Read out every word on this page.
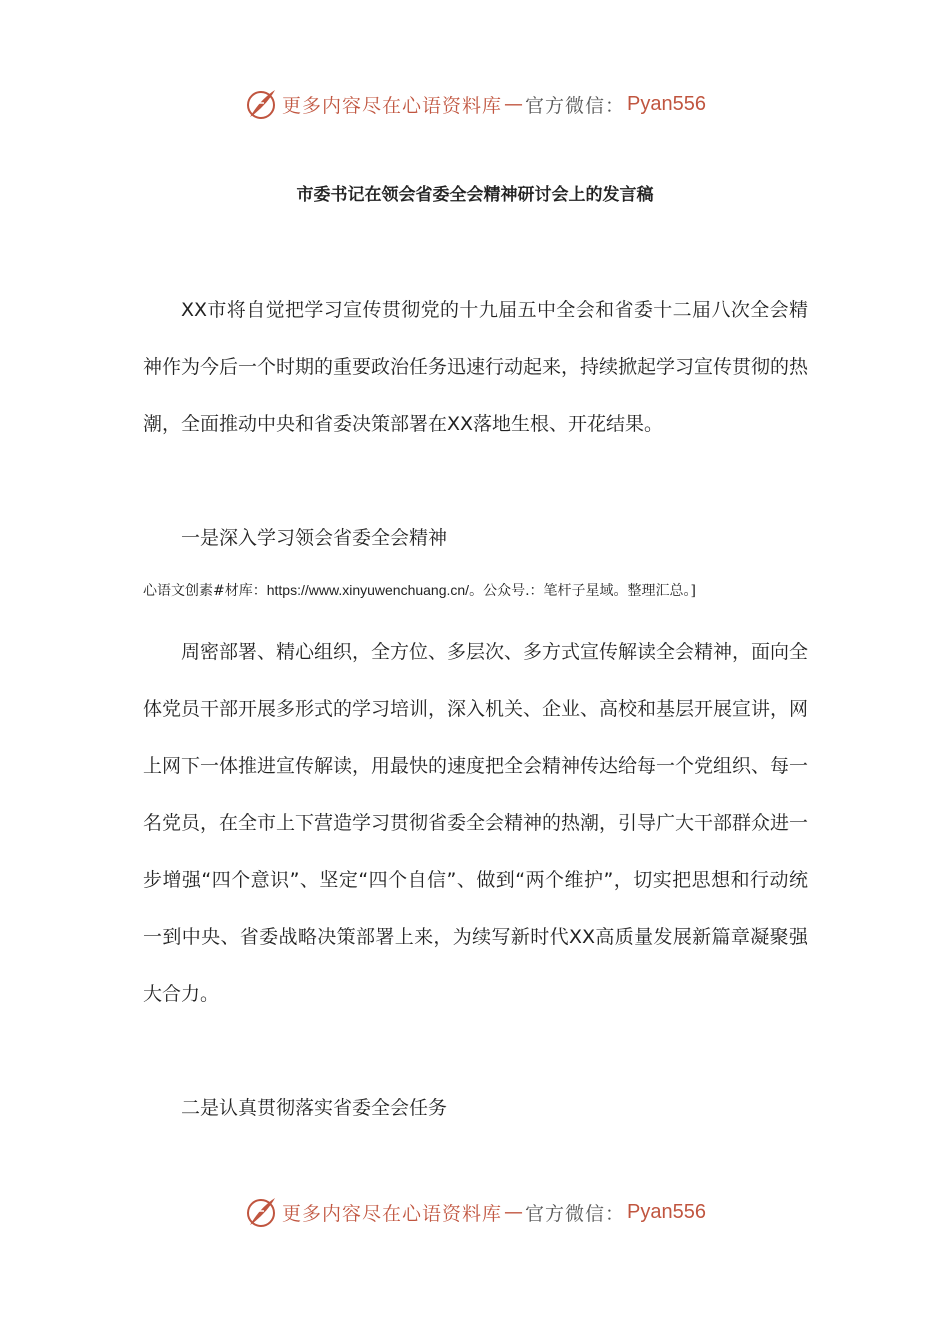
更多内容尽在心语资料库 — 官方微信： Pyan556
市委书记在领会省委全会精神研讨会上的发言稿

XX市将自觉把学习宣传贯彻党的十九届五中全会和省委十二届八次全会精神作为今后一个时期的重要政治任务迅速行动起来，持续掀起学习宣传贯彻的热潮，全面推动中央和省委决策部署在XX落地生根、开花结果。

一是深入学习领会省委全会精神

心语文创素#材库：https://www.xinyuwenchuang.cn/。公众号.：笔杆子星域。整理汇总。]

周密部署、精心组织，全方位、多层次、多方式宣传解读全会精神，面向全体党员干部开展多形式的学习培训，深入机关、企业、高校和基层开展宣讲，网上网下一体推进宣传解读，用最快的速度把全会精神传达给每一个党组织、每一名党员，在全市上下营造学习贯彻省委全会精神的热潮，引导广大干部群众进一步增强“四个意识”、坚定“四个自信”、做到“两个维护”，切实把思想和行动统一到中央、省委战略决策部署上来，为续写新时代XX高质量发展新篇章凝聚强大合力。

二是认真贯彻落实省委全会任务

更多内容尽在心语资料库 — 官方微信： Pyan556
